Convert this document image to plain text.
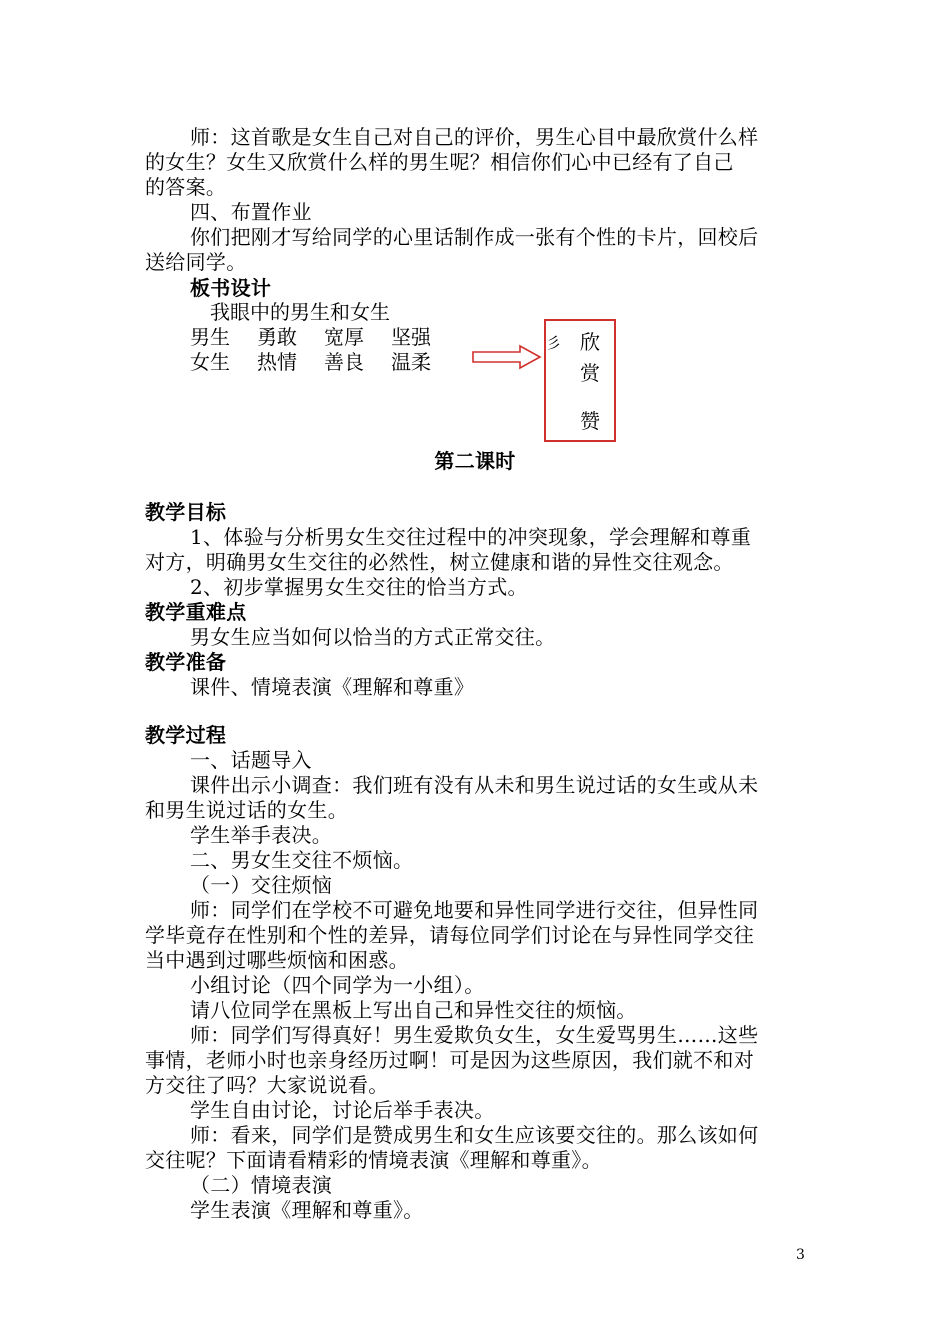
师：这首歌是女生自己对自己的评价，男生心目中最欣赏什么样
的女生？女生又欣赏什么样的男生呢？相信你们心中已经有了自己
的答案。
四、布置作业
你们把刚才写给同学的心里话制作成一张有个性的卡片，回校后
送给同学。
板书设计
我眼中的男生和女生
男生 勇敢 宽厚 坚强
女生 热情 善良 温柔
彡 欣
赏
赞
第二课时
教学目标
1、体验与分析男女生交往过程中的冲突现象，学会理解和尊重
对方，明确男女生交往的必然性，树立健康和谐的异性交往观念。
2、初步掌握男女生交往的恰当方式。
教学重难点
男女生应当如何以恰当的方式正常交往。
教学准备
课件、情境表演《理解和尊重》
教学过程
一、话题导入
课件出示小调查：我们班有没有从未和男生说过话的女生或从未
和男生说过话的女生。
学生举手表决。
二、男女生交往不烦恼。
（一）交往烦恼
师：同学们在学校不可避免地要和异性同学进行交往，但异性同
学毕竟存在性别和个性的差异，请每位同学们讨论在与异性同学交往
当中遇到过哪些烦恼和困惑。
小组讨论（四个同学为一小组）。
请八位同学在黑板上写出自己和异性交往的烦恼。
师：同学们写得真好！男生爱欺负女生，女生爱骂男生……这些
事情，老师小时也亲身经历过啊！可是因为这些原因，我们就不和对
方交往了吗？大家说说看。
学生自由讨论，讨论后举手表决。
师：看来，同学们是赞成男生和女生应该要交往的。那么该如何
交往呢？下面请看精彩的情境表演《理解和尊重》。
（二）情境表演
学生表演《理解和尊重》。
3
